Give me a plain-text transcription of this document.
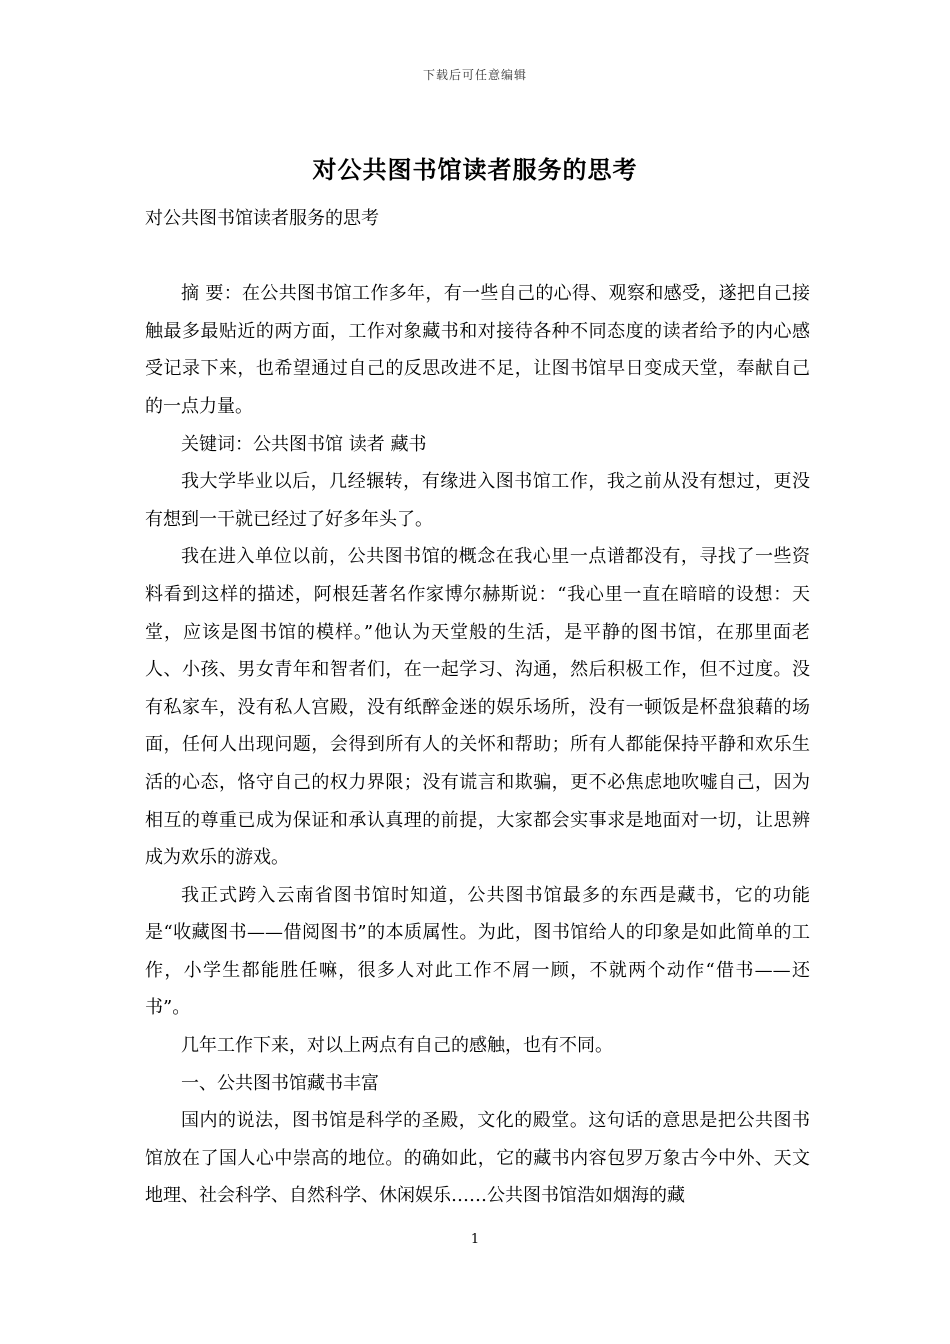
下载后可任意编辑
对公共图书馆读者服务的思考

对公共图书馆读者服务的思考

摘 要：在公共图书馆工作多年，有一些自己的心得、观察和感受，遂把自己接触最多最贴近的两方面，工作对象藏书和对接待各种不同态度的读者给予的内心感受记录下来，也希望通过自己的反思改进不足，让图书馆早日变成天堂，奉献自己的一点力量。

关键词：公共图书馆 读者 藏书

我大学毕业以后，几经辗转，有缘进入图书馆工作，我之前从没有想过，更没有想到一干就已经过了好多年头了。

我在进入单位以前，公共图书馆的概念在我心里一点谱都没有，寻找了一些资料看到这样的描述，阿根廷著名作家博尔赫斯说：“我心里一直在暗暗的设想：天堂，应该是图书馆的模样。”他认为天堂般的生活，是平静的图书馆，在那里面老人、小孩、男女青年和智者们，在一起学习、沟通，然后积极工作，但不过度。没有私家车，没有私人宫殿，没有纸醉金迷的娱乐场所，没有一顿饭是杯盘狼藉的场面，任何人出现问题，会得到所有人的关怀和帮助；所有人都能保持平静和欢乐生活的心态，恪守自己的权力界限；没有谎言和欺骗，更不必焦虑地吹嘘自己，因为相互的尊重已成为保证和承认真理的前提，大家都会实事求是地面对一切，让思辨成为欢乐的游戏。

我正式跨入云南省图书馆时知道，公共图书馆最多的东西是藏书，它的功能是“收藏图书——借阅图书”的本质属性。为此，图书馆给人的印象是如此简单的工作，小学生都能胜任嘛，很多人对此工作不屑一顾，不就两个动作“借书——还书”。

几年工作下来，对以上两点有自己的感触，也有不同。

一、公共图书馆藏书丰富

国内的说法，图书馆是科学的圣殿，文化的殿堂。这句话的意思是把公共图书馆放在了国人心中崇高的地位。的确如此，它的藏书内容包罗万象古今中外、天文地理、社会科学、自然科学、休闲娱乐……公共图书馆浩如烟海的藏

1
